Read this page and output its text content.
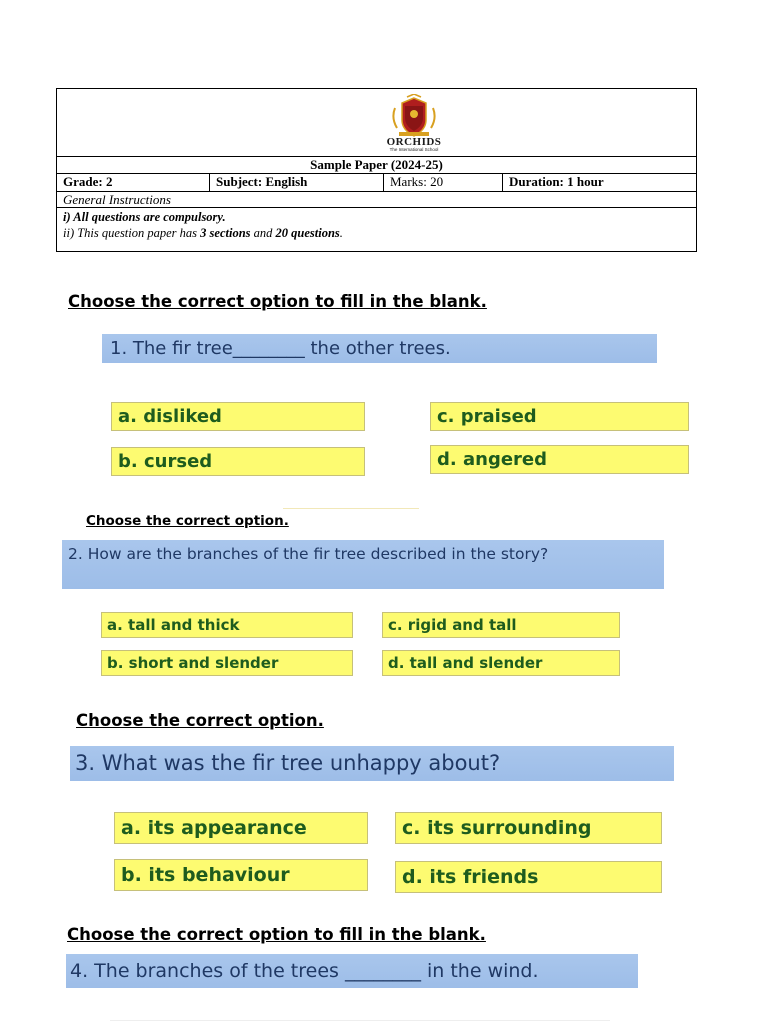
ORCHIDS
The International School
Sample Paper (2024-25)
Grade: 2	Subject: English	Marks: 20	Duration: 1 hour
General Instructions
i) All questions are compulsory.
ii) This question paper has 3 sections and 20 questions.
Choose the correct option to fill in the blank.
1. The fir tree________ the other trees.
a. disliked
b. cursed
c. praised
d. angered
Choose the correct option.
2. How are the branches of the fir tree described in the story?
a. tall and thick
b. short and slender
c. rigid and tall
d. tall and slender
Choose the correct option.
3. What was the fir tree unhappy about?
a. its appearance
b. its behaviour
c. its surrounding
d. its friends
Choose the correct option to fill in the blank.
4. The branches of the trees ________ in the wind.
